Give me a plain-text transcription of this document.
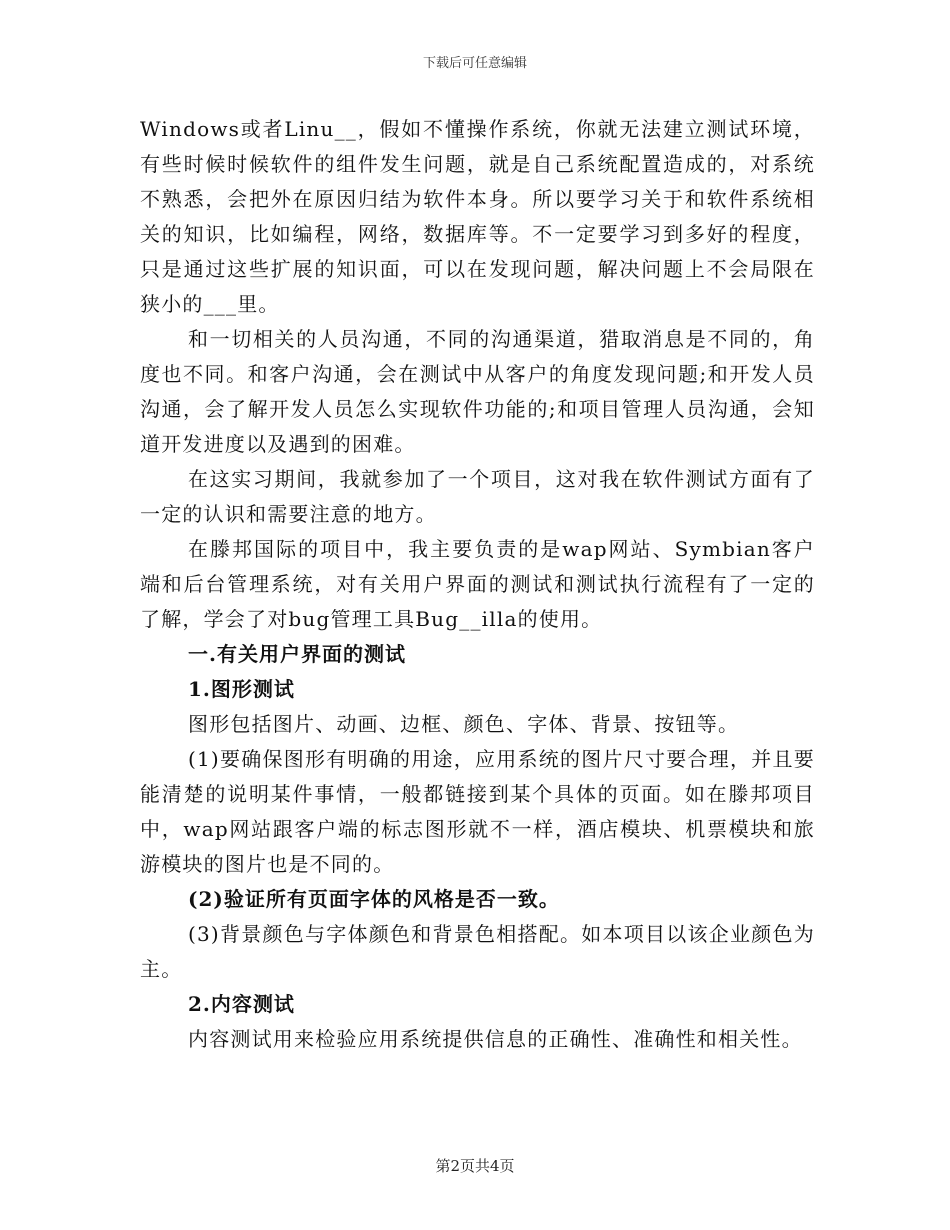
下载后可任意编辑

Windows或者Linu__，假如不懂操作系统，你就无法建立测试环境，有些时候时候软件的组件发生问题，就是自己系统配置造成的，对系统不熟悉，会把外在原因归结为软件本身。所以要学习关于和软件系统相关的知识，比如编程，网络，数据库等。不一定要学习到多好的程度，只是通过这些扩展的知识面，可以在发现问题，解决问题上不会局限在狭小的___里。

和一切相关的人员沟通，不同的沟通渠道，猎取消息是不同的，角度也不同。和客户沟通，会在测试中从客户的角度发现问题;和开发人员沟通，会了解开发人员怎么实现软件功能的;和项目管理人员沟通，会知道开发进度以及遇到的困难。

在这实习期间，我就参加了一个项目，这对我在软件测试方面有了一定的认识和需要注意的地方。

在滕邦国际的项目中，我主要负责的是wap网站、Symbian客户端和后台管理系统，对有关用户界面的测试和测试执行流程有了一定的了解，学会了对bug管理工具Bug__illa的使用。

一.有关用户界面的测试

1.图形测试

图形包括图片、动画、边框、颜色、字体、背景、按钮等。

(1)要确保图形有明确的用途，应用系统的图片尺寸要合理，并且要能清楚的说明某件事情，一般都链接到某个具体的页面。如在滕邦项目中，wap网站跟客户端的标志图形就不一样，酒店模块、机票模块和旅游模块的图片也是不同的。

(2)验证所有页面字体的风格是否一致。

(3)背景颜色与字体颜色和背景色相搭配。如本项目以该企业颜色为主。

2.内容测试

内容测试用来检验应用系统提供信息的正确性、准确性和相关性。

第2页共4页
